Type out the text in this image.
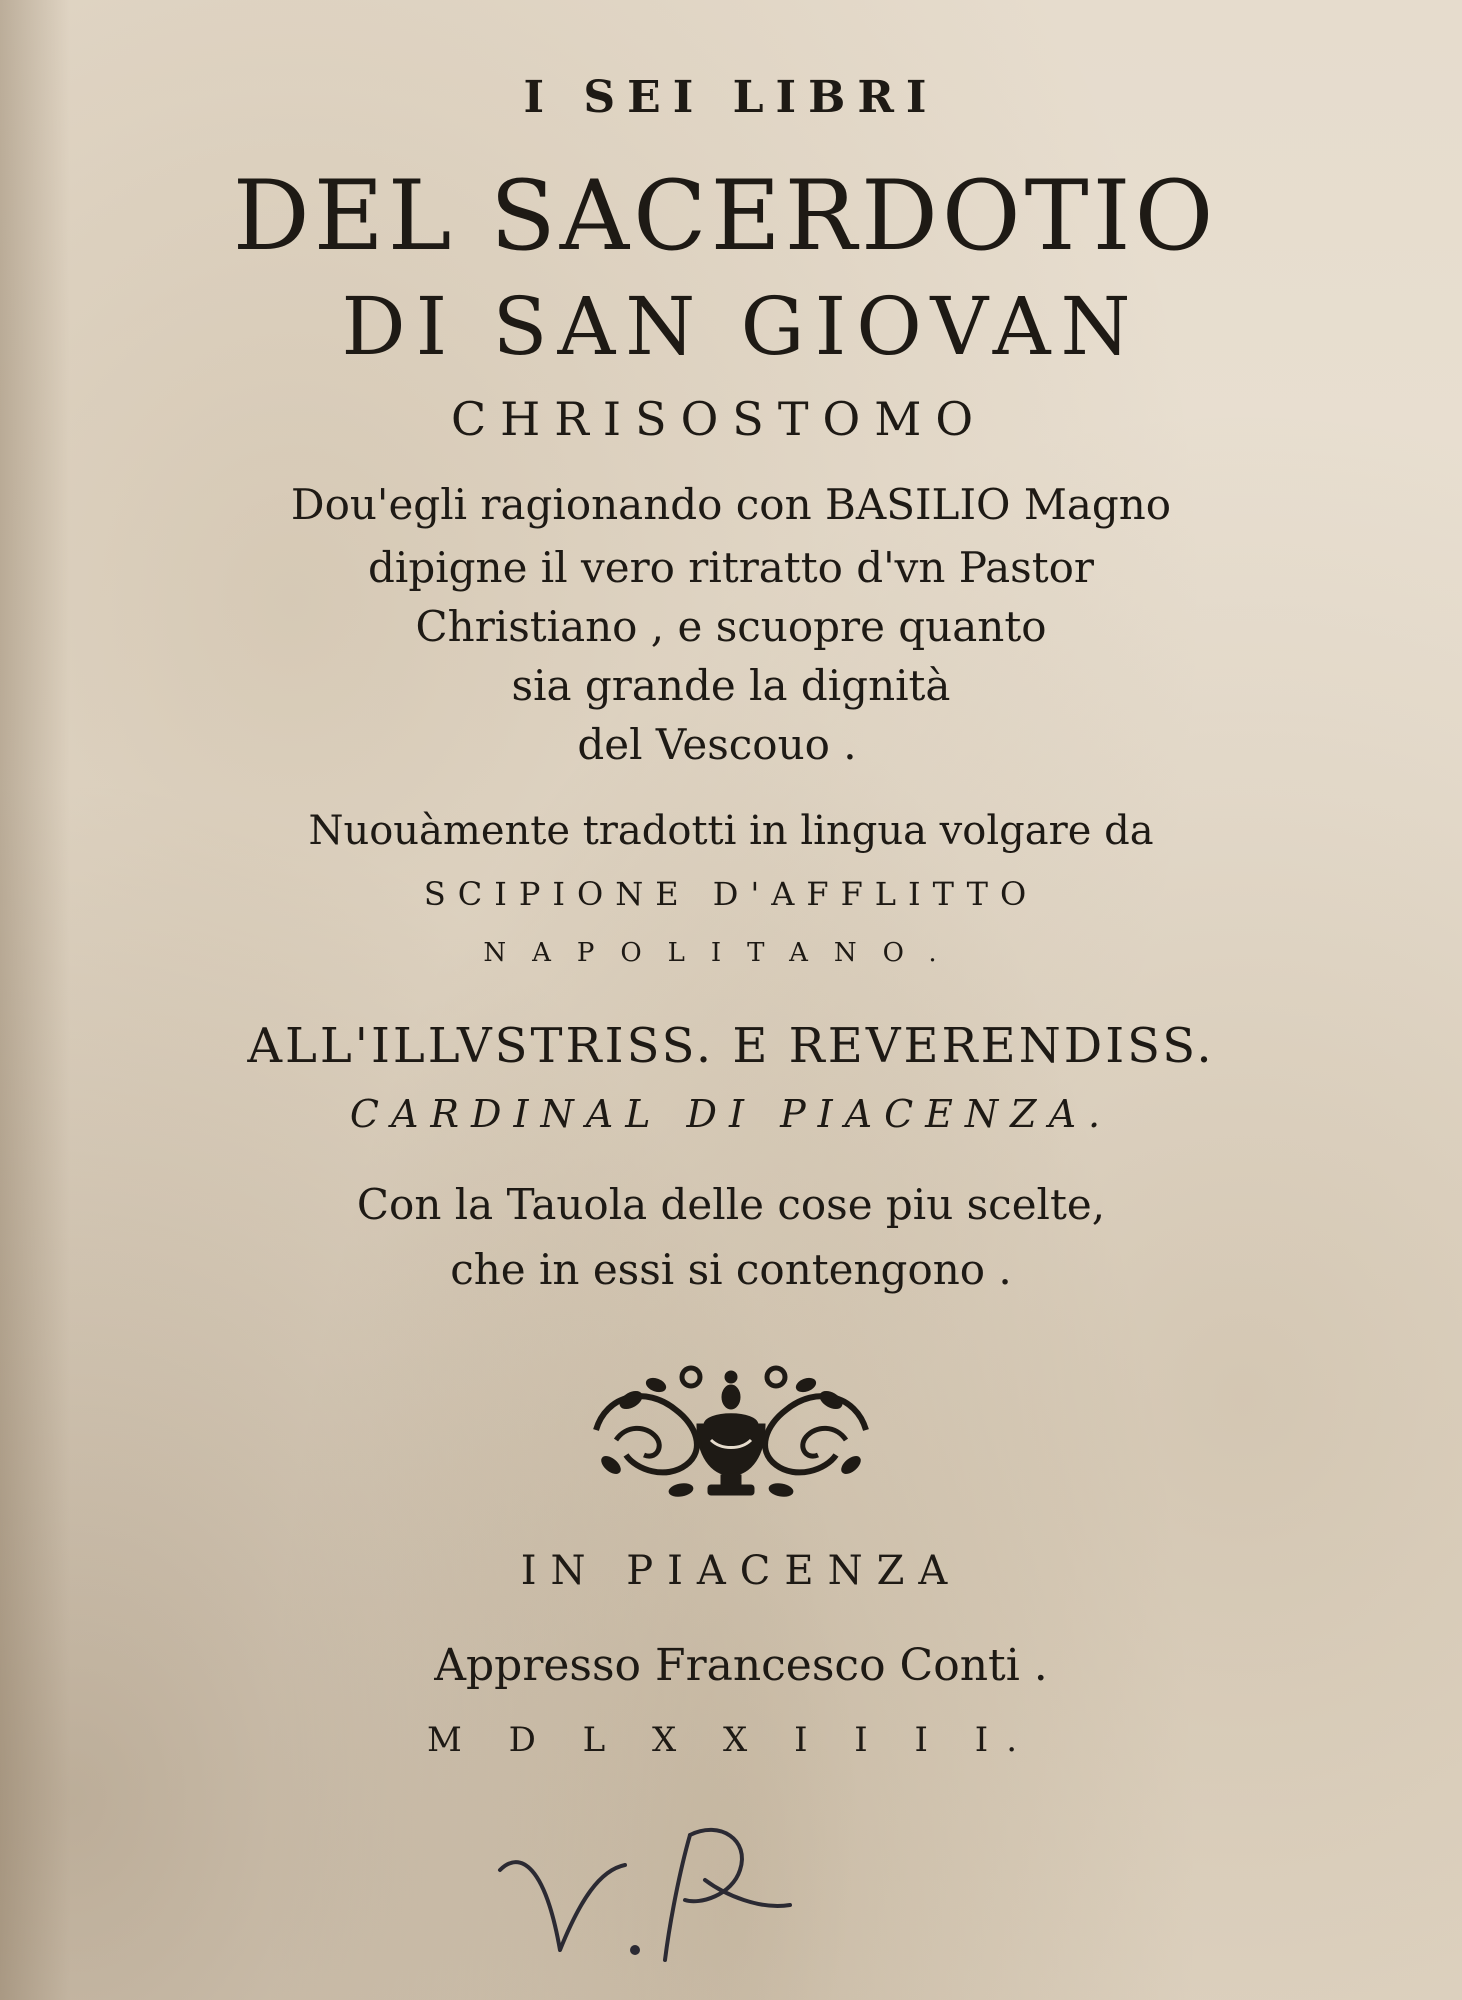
I SEI LIBRI

DEL SACERDOTIO

DI SAN GIOVAN

CHRISOSTOMO

Dou'egli ragionando con BASILIO Magno

dipigne il vero ritratto d'vn Pastor

Christiano , e scuopre quanto

sia grande la dignità

del Vescouo .

Nuouàmente tradotti in lingua volgare da

SCIPIONE D'AFFLITTO

NAPOLITANO.

ALL'ILLVSTRISS. E REVERENDISS.

CARDINAL DI PIACENZA.

Con la Tauola delle cose piu scelte,

che in essi si contengono .

IN PIACENZA

Appresso Francesco Conti .

M D L X X I I I I.
